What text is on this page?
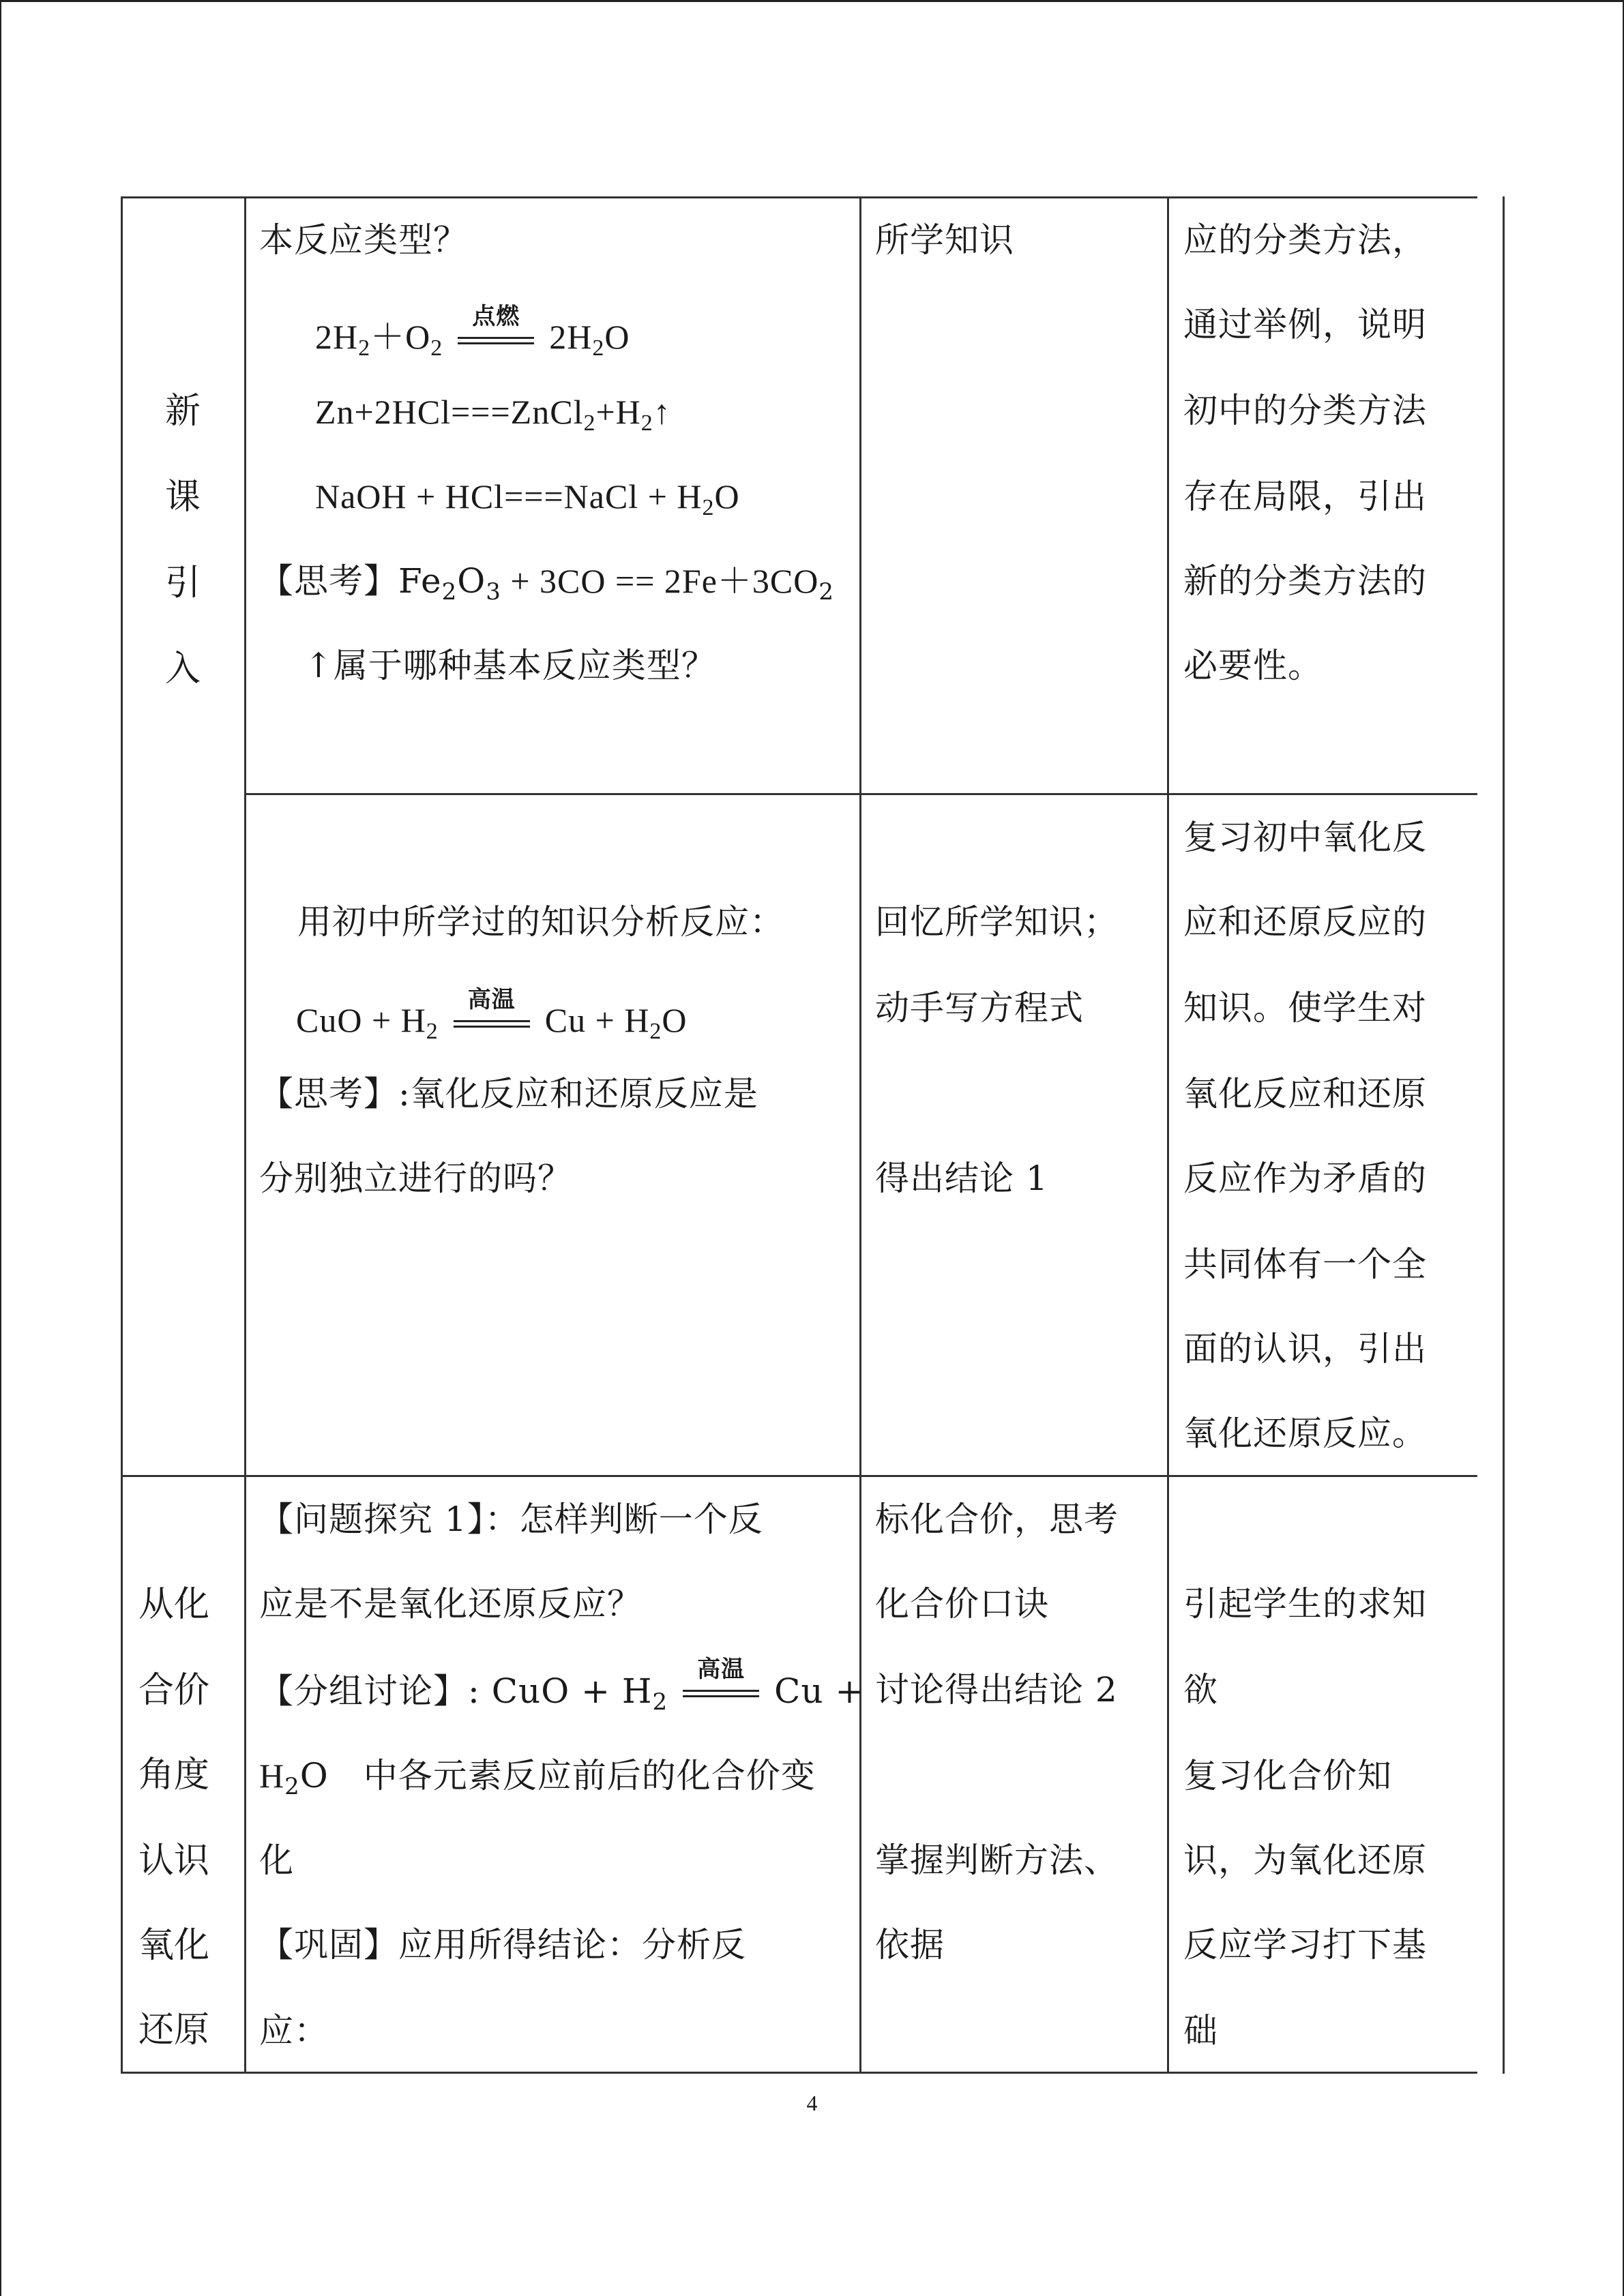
新课引入
本反应类型？
$2H_2+O_2$
点燃
$2H_2O$
$Zn+2HCl===ZnCl_2+H_2↑$
NaOH + HCl===NaCl + $H_2O$
【思考】$Fe_2O_3 + 3CO == 2Fe+3CO_2$
↑属于哪种基本反应类型？
所学知识	应的分类方法，
通过举例，说明
初中的分类方法
存在局限，引出
新的分类方法的
必要性。
用初中所学过的知识分析反应：
CuO + $H_2$
高温
$Cu + H_2O$
【思考】:氧化反应和还原反应是
分别独立进行的吗？
回忆所学知识；
动手写方程式
得出结论 1
复习初中氧化反
应和还原反应的
知识。使学生对
氧化反应和还原
反应作为矛盾的
共同体有一个全
面的认识，引出
氧化还原反应。
从化
合价
角度
认识
氧化
还原
【问题探究 1】：怎样判断一个反
应是不是氧化还原反应？
【分组讨论】: CuO + $H_2$
高温
Cu +
$H_2O$　中各元素反应前后的化合价变
化
【巩固】应用所得结论：分析反
应：
标化合价，思考
化合价口诀
讨论得出结论 2
掌握判断方法、
依据
引起学生的求知
欲
复习化合价知
识，为氧化还原
反应学习打下基
础
4
